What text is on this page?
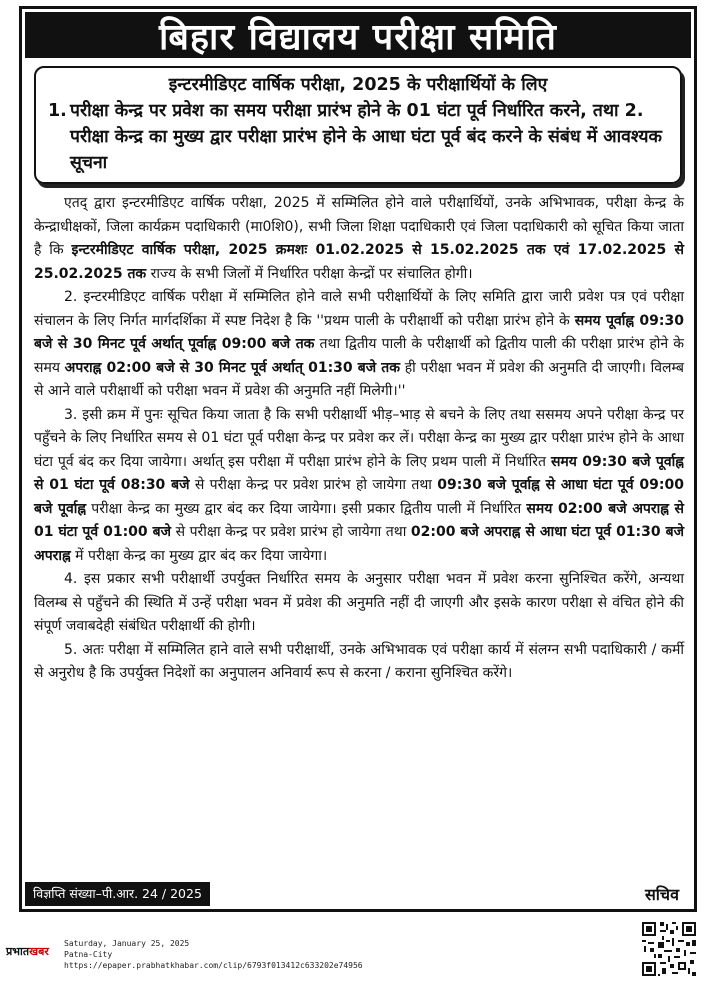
बिहार विद्यालय परीक्षा समिति
इन्टरमीडिएट वार्षिक परीक्षा, 2025 के परीक्षार्थियों के लिए
1. परीक्षा केन्द्र पर प्रवेश का समय परीक्षा प्रारंभ होने के 01 घंटा पूर्व निर्धारित करने, तथा 2. परीक्षा केन्द्र का मुख्य द्वार परीक्षा प्रारंभ होने के आधा घंटा पूर्व बंद करने के संबंध में आवश्यक सूचना

एतद् द्वारा इन्टरमीडिएट वार्षिक परीक्षा, 2025 में सम्मिलित होने वाले परीक्षार्थियों, उनके अभिभावक, परीक्षा केन्द्र के केन्द्राधीक्षकों, जिला कार्यक्रम पदाधिकारी (मा0शि0), सभी जिला शिक्षा पदाधिकारी एवं जिला पदाधिकारी को सूचित किया जाता है कि इन्टरमीडिएट वार्षिक परीक्षा, 2025 क्रमशः 01.02.2025 से 15.02.2025 तक एवं 17.02.2025 से 25.02.2025 तक राज्य के सभी जिलों में निर्धारित परीक्षा केन्द्रों पर संचालित होगी।

2. इन्टरमीडिएट वार्षिक परीक्षा में सम्मिलित होने वाले सभी परीक्षार्थियों के लिए समिति द्वारा जारी प्रवेश पत्र एवं परीक्षा संचालन के लिए निर्गत मार्गदर्शिका में स्पष्ट निदेश है कि ''प्रथम पाली के परीक्षार्थी को परीक्षा प्रारंभ होने के समय पूर्वाह्न 09:30 बजे से 30 मिनट पूर्व अर्थात् पूर्वाह्न 09:00 बजे तक तथा द्वितीय पाली के परीक्षार्थी को द्वितीय पाली की परीक्षा प्रारंभ होने के समय अपराह्न 02:00 बजे से 30 मिनट पूर्व अर्थात् 01:30 बजे तक ही परीक्षा भवन में प्रवेश की अनुमति दी जाएगी। विलम्ब से आने वाले परीक्षार्थी को परीक्षा भवन में प्रवेश की अनुमति नहीं मिलेगी।''

3. इसी क्रम में पुनः सूचित किया जाता है कि सभी परीक्षार्थी भीड़–भाड़ से बचने के लिए तथा ससमय अपने परीक्षा केन्द्र पर पहुँचने के लिए निर्धारित समय से 01 घंटा पूर्व परीक्षा केन्द्र पर प्रवेश कर लें। परीक्षा केन्द्र का मुख्य द्वार परीक्षा प्रारंभ होने के आधा घंटा पूर्व बंद कर दिया जायेगा। अर्थात् इस परीक्षा में परीक्षा प्रारंभ होने के लिए प्रथम पाली में निर्धारित समय 09:30 बजे पूर्वाह्न से 01 घंटा पूर्व 08:30 बजे से परीक्षा केन्द्र पर प्रवेश प्रारंभ हो जायेगा तथा 09:30 बजे पूर्वाह्न से आधा घंटा पूर्व 09:00 बजे पूर्वाह्न परीक्षा केन्द्र का मुख्य द्वार बंद कर दिया जायेगा। इसी प्रकार द्वितीय पाली में निर्धारित समय 02:00 बजे अपराह्न से 01 घंटा पूर्व 01:00 बजे से परीक्षा केन्द्र पर प्रवेश प्रारंभ हो जायेगा तथा 02:00 बजे अपराह्न से आधा घंटा पूर्व 01:30 बजे अपराह्न में परीक्षा केन्द्र का मुख्य द्वार बंद कर दिया जायेगा।

4. इस प्रकार सभी परीक्षार्थी उपर्युक्त निर्धारित समय के अनुसार परीक्षा भवन में प्रवेश करना सुनिश्चित करेंगे, अन्यथा विलम्ब से पहुँचने की स्थिति में उन्हें परीक्षा भवन में प्रवेश की अनुमति नहीं दी जाएगी और इसके कारण परीक्षा से वंचित होने की संपूर्ण जवाबदेही संबंधित परीक्षार्थी की होगी।

5. अतः परीक्षा में सम्मिलित हाने वाले सभी परीक्षार्थी, उनके अभिभावक एवं परीक्षा कार्य में संलग्न सभी पदाधिकारी / कर्मी से अनुरोध है कि उपर्युक्त निदेशों का अनुपालन अनिवार्य रूप से करना / कराना सुनिश्चित करेंगे।

विज्ञप्ति संख्या–पी.आर. 24 / 2025	सचिव
प्रभातखबर
Saturday, January 25, 2025
Patna-City
https://epaper.prabhatkhabar.com/clip/6793f013412c633202e74956
